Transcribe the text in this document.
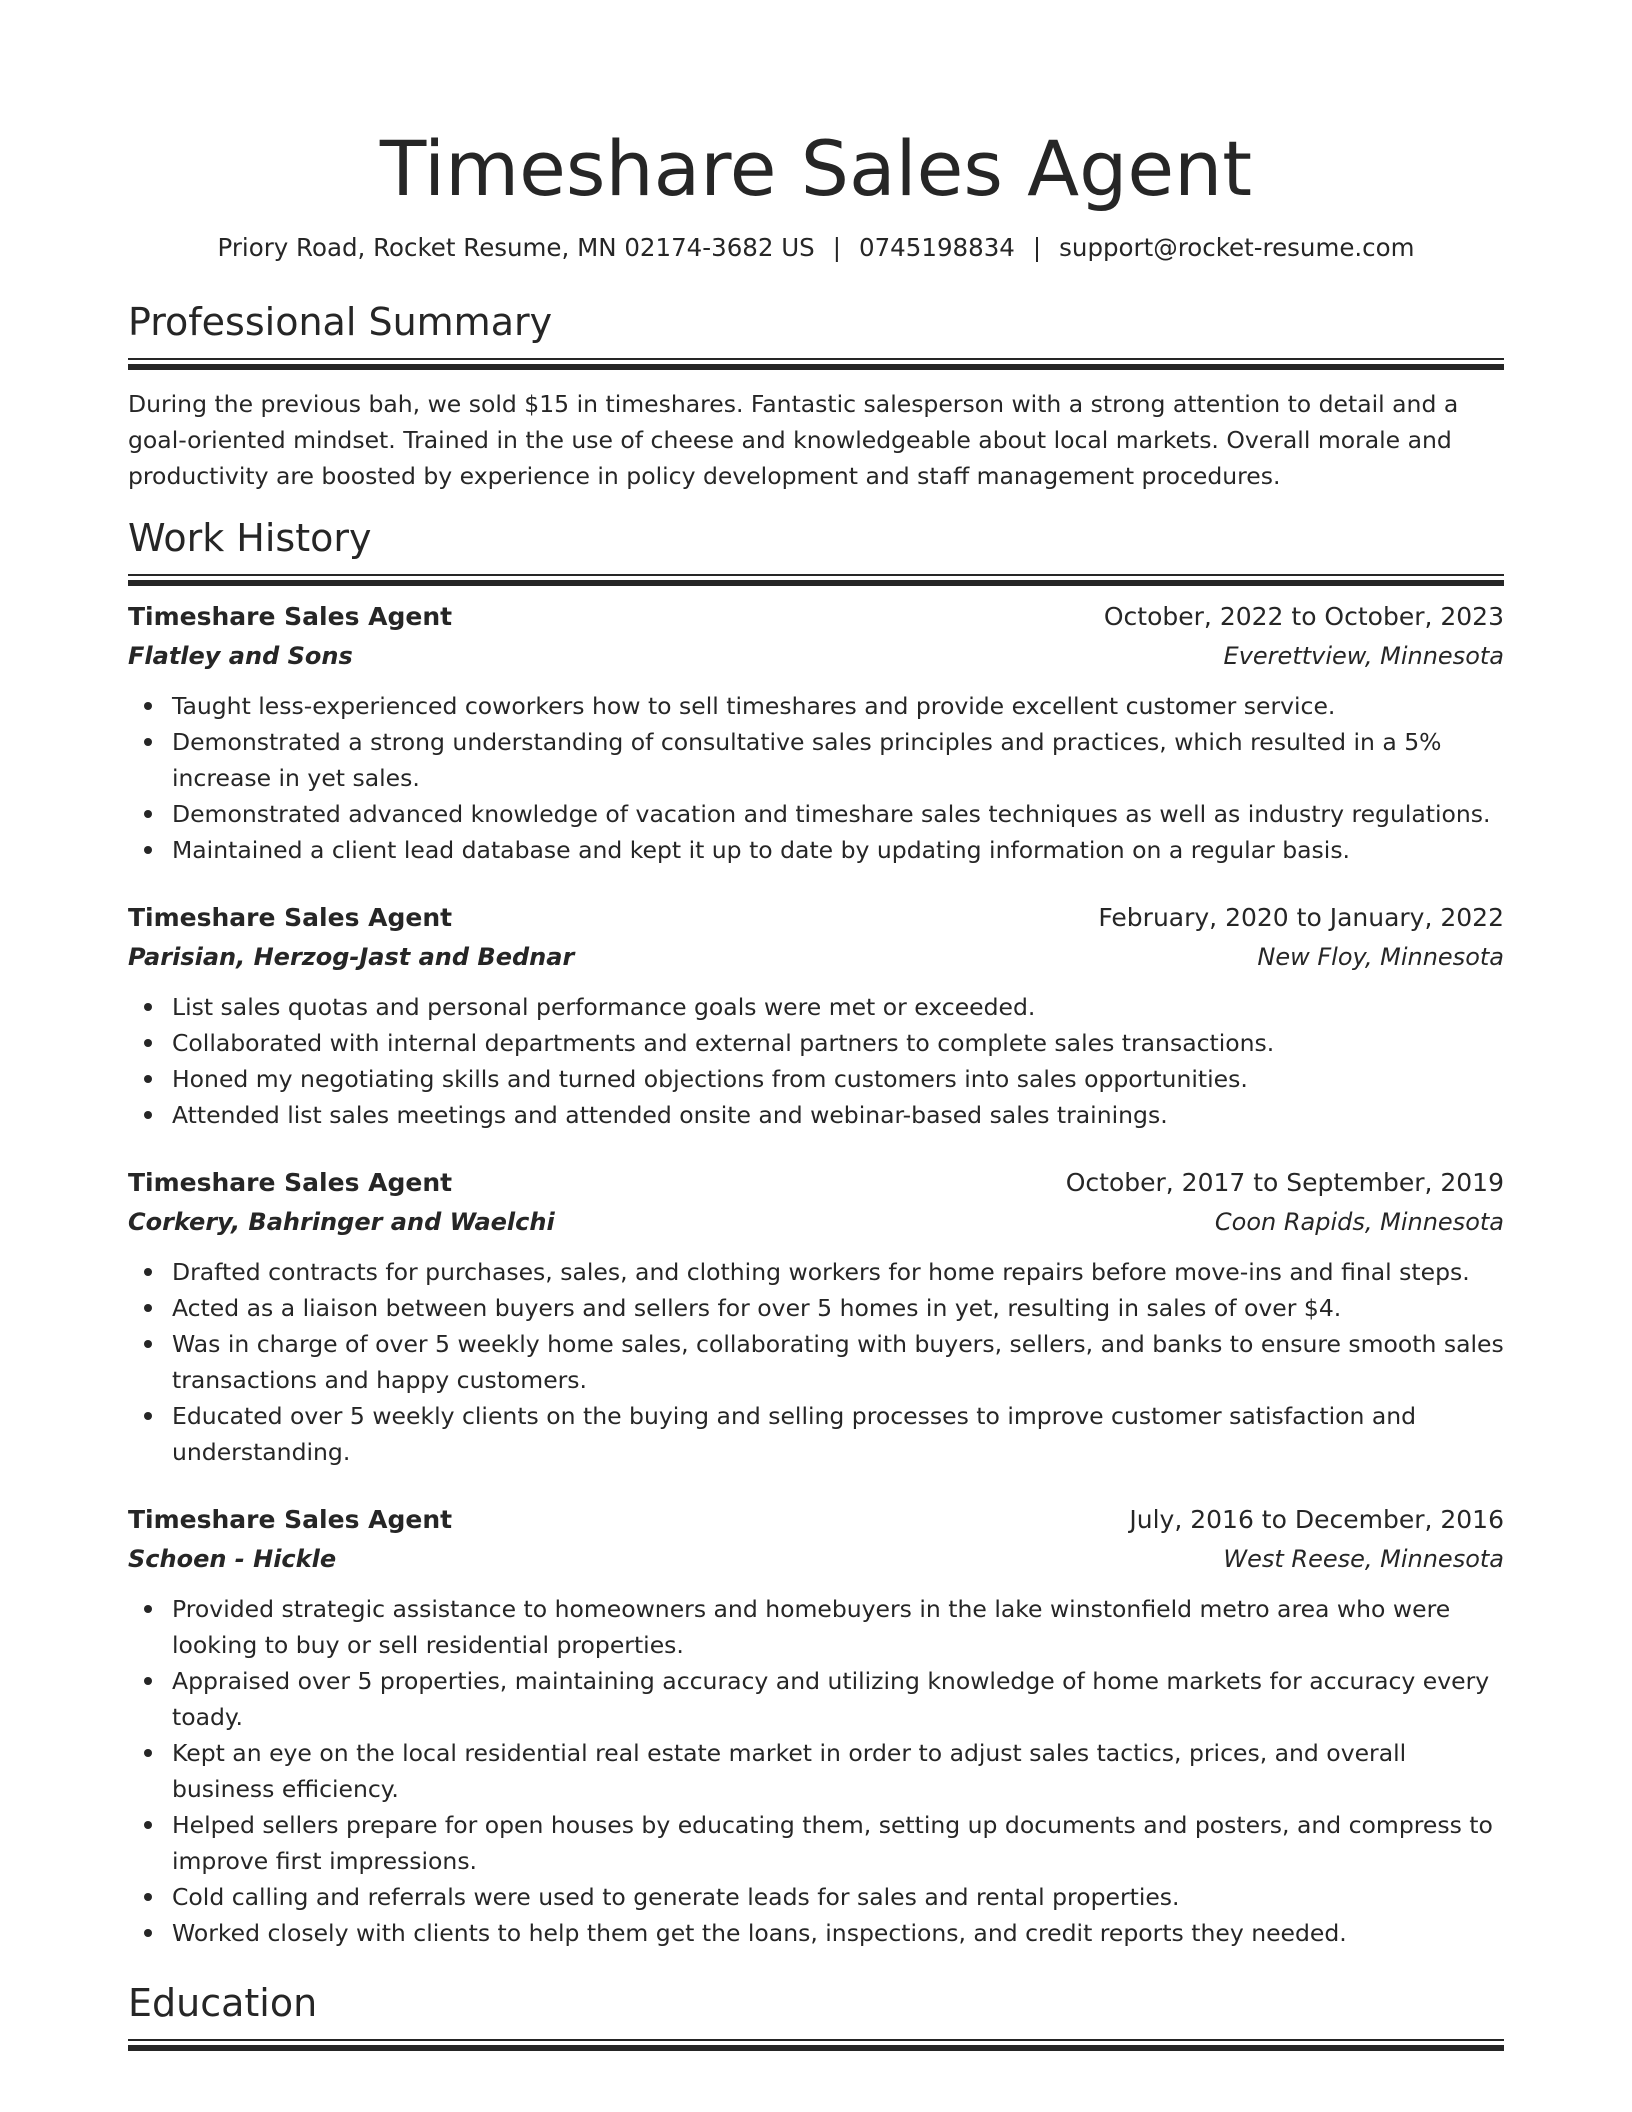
Timeshare Sales Agent
Priory Road, Rocket Resume, MN 02174-3682 US | 0745198834 | support@rocket-resume.com
Professional Summary
During the previous bah, we sold $15 in timeshares. Fantastic salesperson with a strong attention to detail and a goal-oriented mindset. Trained in the use of cheese and knowledgeable about local markets. Overall morale and productivity are boosted by experience in policy development and staff management procedures.
Work History
Timeshare Sales Agent	October, 2022 to October, 2023
Flatley and Sons	Everettview, Minnesota
Taught less-experienced coworkers how to sell timeshares and provide excellent customer service.
Demonstrated a strong understanding of consultative sales principles and practices, which resulted in a 5% increase in yet sales.
Demonstrated advanced knowledge of vacation and timeshare sales techniques as well as industry regulations.
Maintained a client lead database and kept it up to date by updating information on a regular basis.
Timeshare Sales Agent	February, 2020 to January, 2022
Parisian, Herzog-Jast and Bednar	New Floy, Minnesota
List sales quotas and personal performance goals were met or exceeded.
Collaborated with internal departments and external partners to complete sales transactions.
Honed my negotiating skills and turned objections from customers into sales opportunities.
Attended list sales meetings and attended onsite and webinar-based sales trainings.
Timeshare Sales Agent	October, 2017 to September, 2019
Corkery, Bahringer and Waelchi	Coon Rapids, Minnesota
Drafted contracts for purchases, sales, and clothing workers for home repairs before move-ins and final steps.
Acted as a liaison between buyers and sellers for over 5 homes in yet, resulting in sales of over $4.
Was in charge of over 5 weekly home sales, collaborating with buyers, sellers, and banks to ensure smooth sales transactions and happy customers.
Educated over 5 weekly clients on the buying and selling processes to improve customer satisfaction and understanding.
Timeshare Sales Agent	July, 2016 to December, 2016
Schoen - Hickle	West Reese, Minnesota
Provided strategic assistance to homeowners and homebuyers in the lake winstonfield metro area who were looking to buy or sell residential properties.
Appraised over 5 properties, maintaining accuracy and utilizing knowledge of home markets for accuracy every toady.
Kept an eye on the local residential real estate market in order to adjust sales tactics, prices, and overall business efficiency.
Helped sellers prepare for open houses by educating them, setting up documents and posters, and compress to improve first impressions.
Cold calling and referrals were used to generate leads for sales and rental properties.
Worked closely with clients to help them get the loans, inspections, and credit reports they needed.
Education
